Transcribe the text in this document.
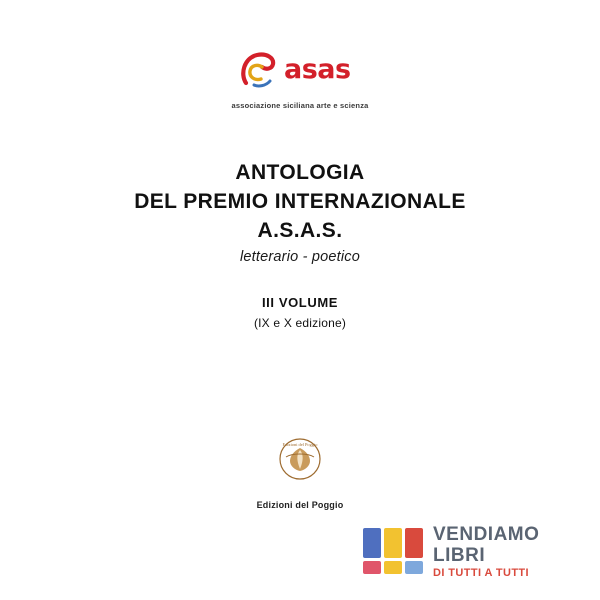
asas
associazione siciliana arte e scienza
ANTOLOGIA
DEL PREMIO INTERNAZIONALE
A.S.A.S.
letterario - poetico
III VOLUME
(IX e X edizione)
Edizioni del Poggio
Edizioni del Poggio
VENDIAMO
LIBRI
DI TUTTI A TUTTI
